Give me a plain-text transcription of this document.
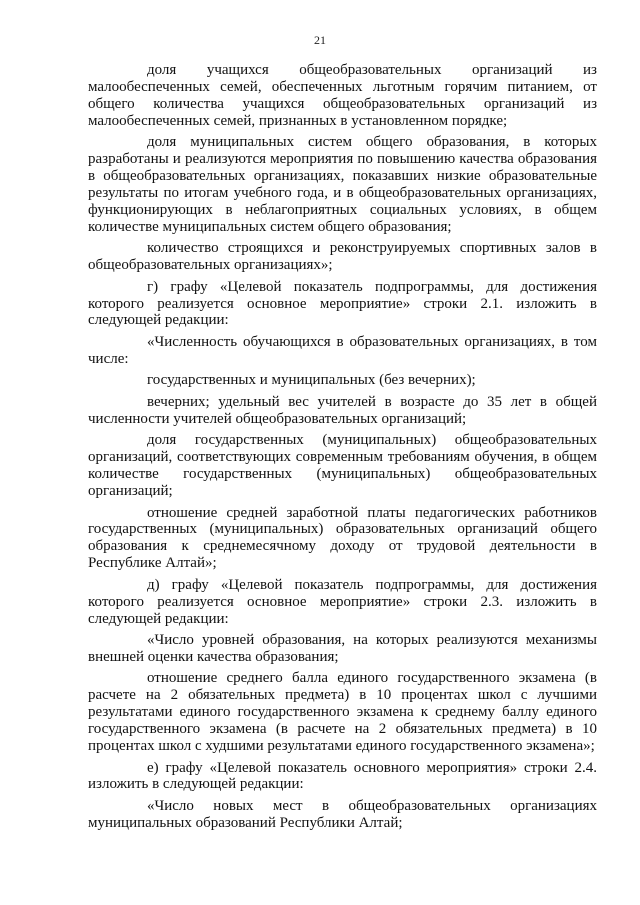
21

доля учащихся общеобразовательных организаций из малообеспеченных семей, обеспеченных льготным горячим питанием, от общего количества учащихся общеобразовательных организаций из малообеспеченных семей, признанных в установленном порядке;

доля муниципальных систем общего образования, в которых разработаны и реализуются мероприятия по повышению качества образования в общеобразовательных организациях, показавших низкие образовательные результаты по итогам учебного года, и в общеобразовательных организациях, функционирующих в неблагоприятных социальных условиях, в общем количестве муниципальных систем общего образования;

количество строящихся и реконструируемых спортивных залов в общеобразовательных организациях»;

г) графу «Целевой показатель подпрограммы, для достижения которого реализуется основное мероприятие» строки 2.1. изложить в следующей редакции:

«Численность обучающихся в образовательных организациях, в том числе:

государственных и муниципальных (без вечерних);

вечерних; удельный вес учителей в возрасте до 35 лет в общей численности учителей общеобразовательных организаций;

доля государственных (муниципальных) общеобразовательных организаций, соответствующих современным требованиям обучения, в общем количестве государственных (муниципальных) общеобразовательных организаций;

отношение средней заработной платы педагогических работников государственных (муниципальных) образовательных организаций общего образования к среднемесячному доходу от трудовой деятельности в Республике Алтай»;

д) графу «Целевой показатель подпрограммы, для достижения которого реализуется основное мероприятие» строки 2.3. изложить в следующей редакции:

«Число уровней образования, на которых реализуются механизмы внешней оценки качества образования;

отношение среднего балла единого государственного экзамена (в расчете на 2 обязательных предмета) в 10 процентах школ с лучшими результатами единого государственного экзамена к среднему баллу единого государственного экзамена (в расчете на 2 обязательных предмета) в 10 процентах школ с худшими результатами единого государственного экзамена»;

е) графу «Целевой показатель основного мероприятия» строки 2.4. изложить в следующей редакции:

«Число новых мест в общеобразовательных организациях муниципальных образований Республики Алтай;
